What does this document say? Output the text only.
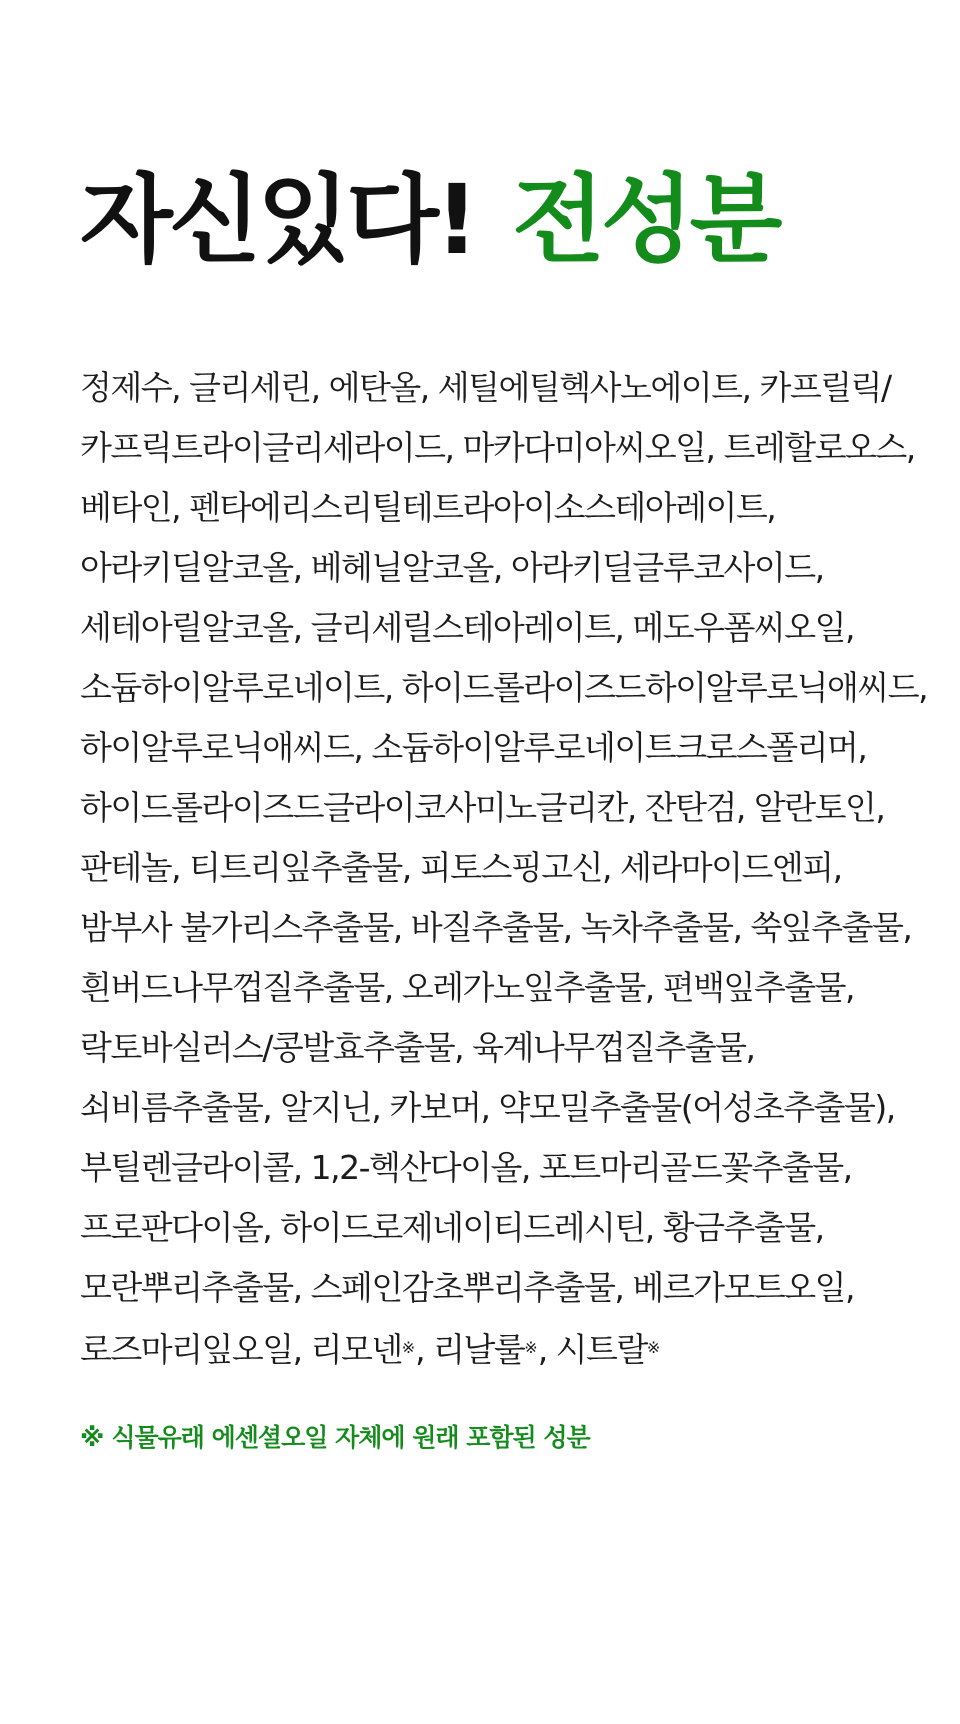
자신있다! 전성분
정제수, 글리세린, 에탄올, 세틸에틸헥사노에이트, 카프릴릭/
카프릭트라이글리세라이드, 마카다미아씨오일, 트레할로오스,
베타인, 펜타에리스리틸테트라아이소스테아레이트,
아라키딜알코올, 베헤닐알코올, 아라키딜글루코사이드,
세테아릴알코올, 글리세릴스테아레이트, 메도우폼씨오일,
소듐하이알루로네이트, 하이드롤라이즈드하이알루로닉애씨드,
하이알루로닉애씨드, 소듐하이알루로네이트크로스폴리머,
하이드롤라이즈드글라이코사미노글리칸, 잔탄검, 알란토인,
판테놀, 티트리잎추출물, 피토스핑고신, 세라마이드엔피,
밤부사 불가리스추출물, 바질추출물, 녹차추출물, 쑥잎추출물,
흰버드나무껍질추출물, 오레가노잎추출물, 편백잎추출물,
락토바실러스/콩발효추출물, 육계나무껍질추출물,
쇠비름추출물, 알지닌, 카보머, 약모밀추출물(어성초추출물),
부틸렌글라이콜, 1,2-헥산다이올, 포트마리골드꽃추출물,
프로판다이올, 하이드로제네이티드레시틴, 황금추출물,
모란뿌리추출물, 스페인감초뿌리추출물, 베르가모트오일,
로즈마리잎오일, 리모넨※, 리날룰※, 시트랄※
※ 식물유래 에센셜오일 자체에 원래 포함된 성분
